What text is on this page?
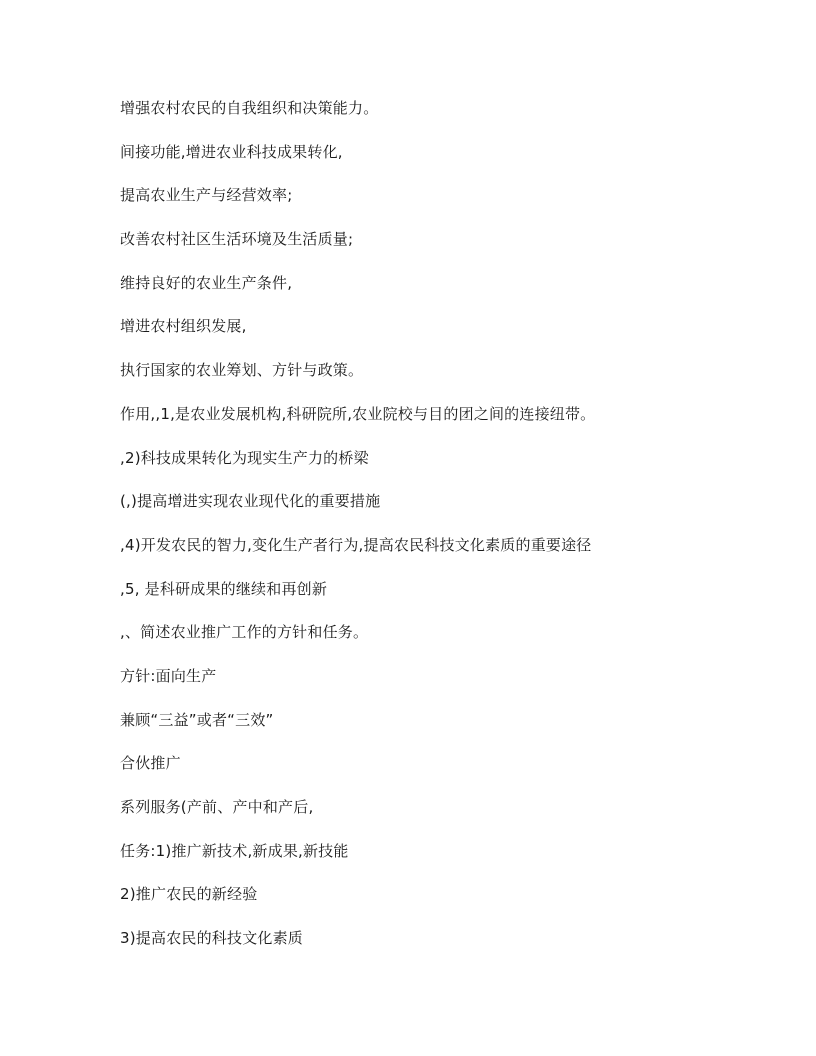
增强农村农民的自我组织和决策能力。
间接功能,增进农业科技成果转化,
提高农业生产与经营效率;
改善农村社区生活环境及生活质量;
维持良好的农业生产条件,
增进农村组织发展,
执行国家的农业筹划、方针与政策。
作用,,1,是农业发展机构,科研院所,农业院校与目的团之间的连接纽带。
,2)科技成果转化为现实生产力的桥梁
(,)提高增进实现农业现代化的重要措施
,4)开发农民的智力,变化生产者行为,提高农民科技文化素质的重要途径
,5, 是科研成果的继续和再创新
,、简述农业推广工作的方针和任务。
方针:面向生产
兼顾“三益”或者“三效”
合伙推广
系列服务(产前、产中和产后,
任务:1)推广新技术,新成果,新技能
2)推广农民的新经验
3)提高农民的科技文化素质
